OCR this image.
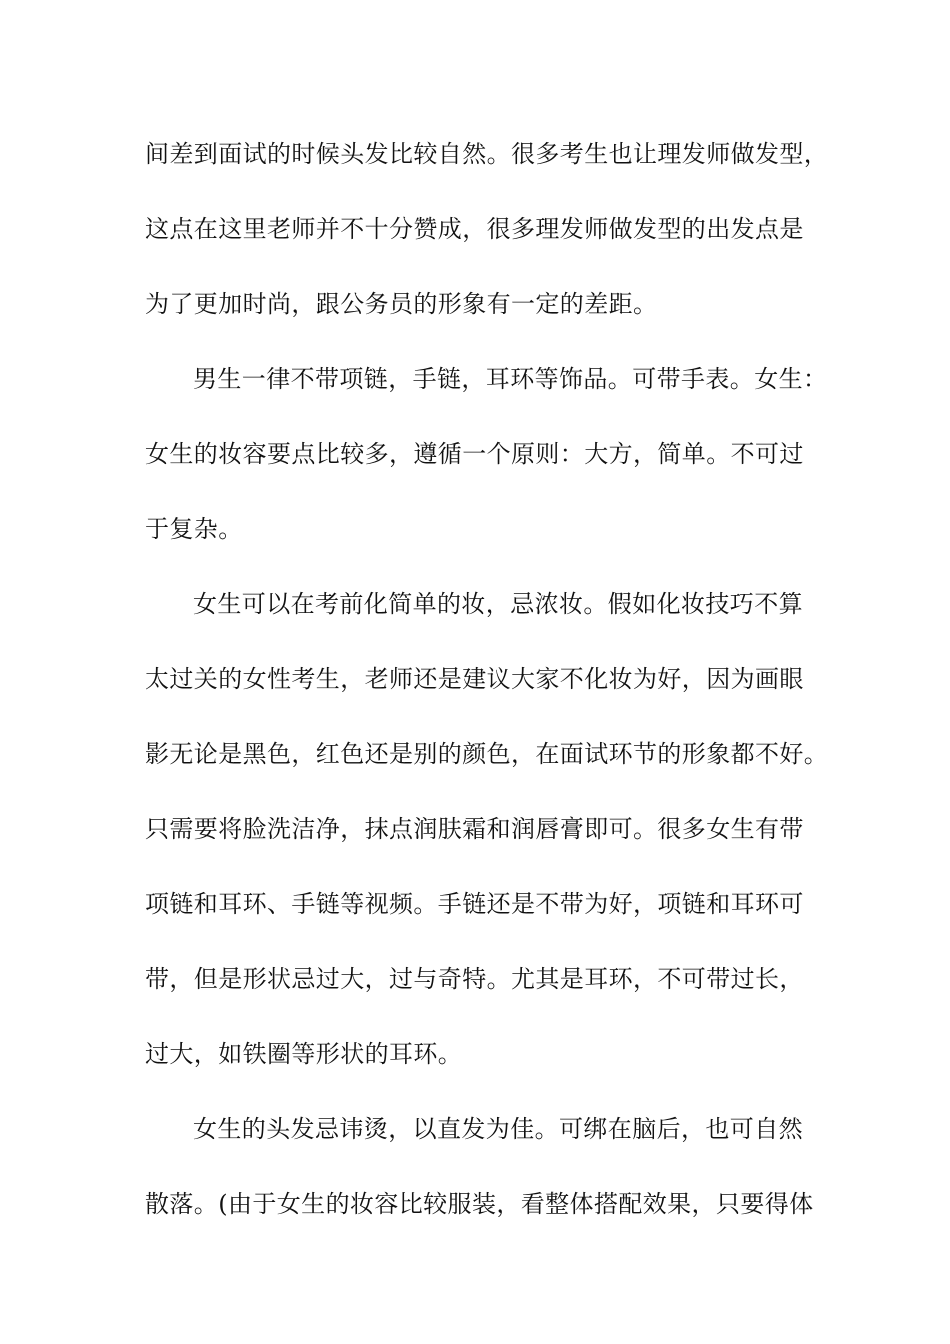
间差到面试的时候头发比较自然。很多考生也让理发师做发型，

这点在这里老师并不十分赞成，很多理发师做发型的出发点是

为了更加时尚，跟公务员的形象有一定的差距。

男生一律不带项链，手链，耳环等饰品。可带手表。女生：

女生的妆容要点比较多，遵循一个原则：大方，简单。不可过

于复杂。

女生可以在考前化简单的妆，忌浓妆。假如化妆技巧不算

太过关的女性考生，老师还是建议大家不化妆为好，因为画眼

影无论是黑色，红色还是别的颜色，在面试环节的形象都不好。

只需要将脸洗洁净，抹点润肤霜和润唇膏即可。很多女生有带

项链和耳环、手链等视频。手链还是不带为好，项链和耳环可

带，但是形状忌过大，过与奇特。尤其是耳环，不可带过长，

过大，如铁圈等形状的耳环。

女生的头发忌讳烫，以直发为佳。可绑在脑后，也可自然

散落。(由于女生的妆容比较服装，看整体搭配效果，只要得体
